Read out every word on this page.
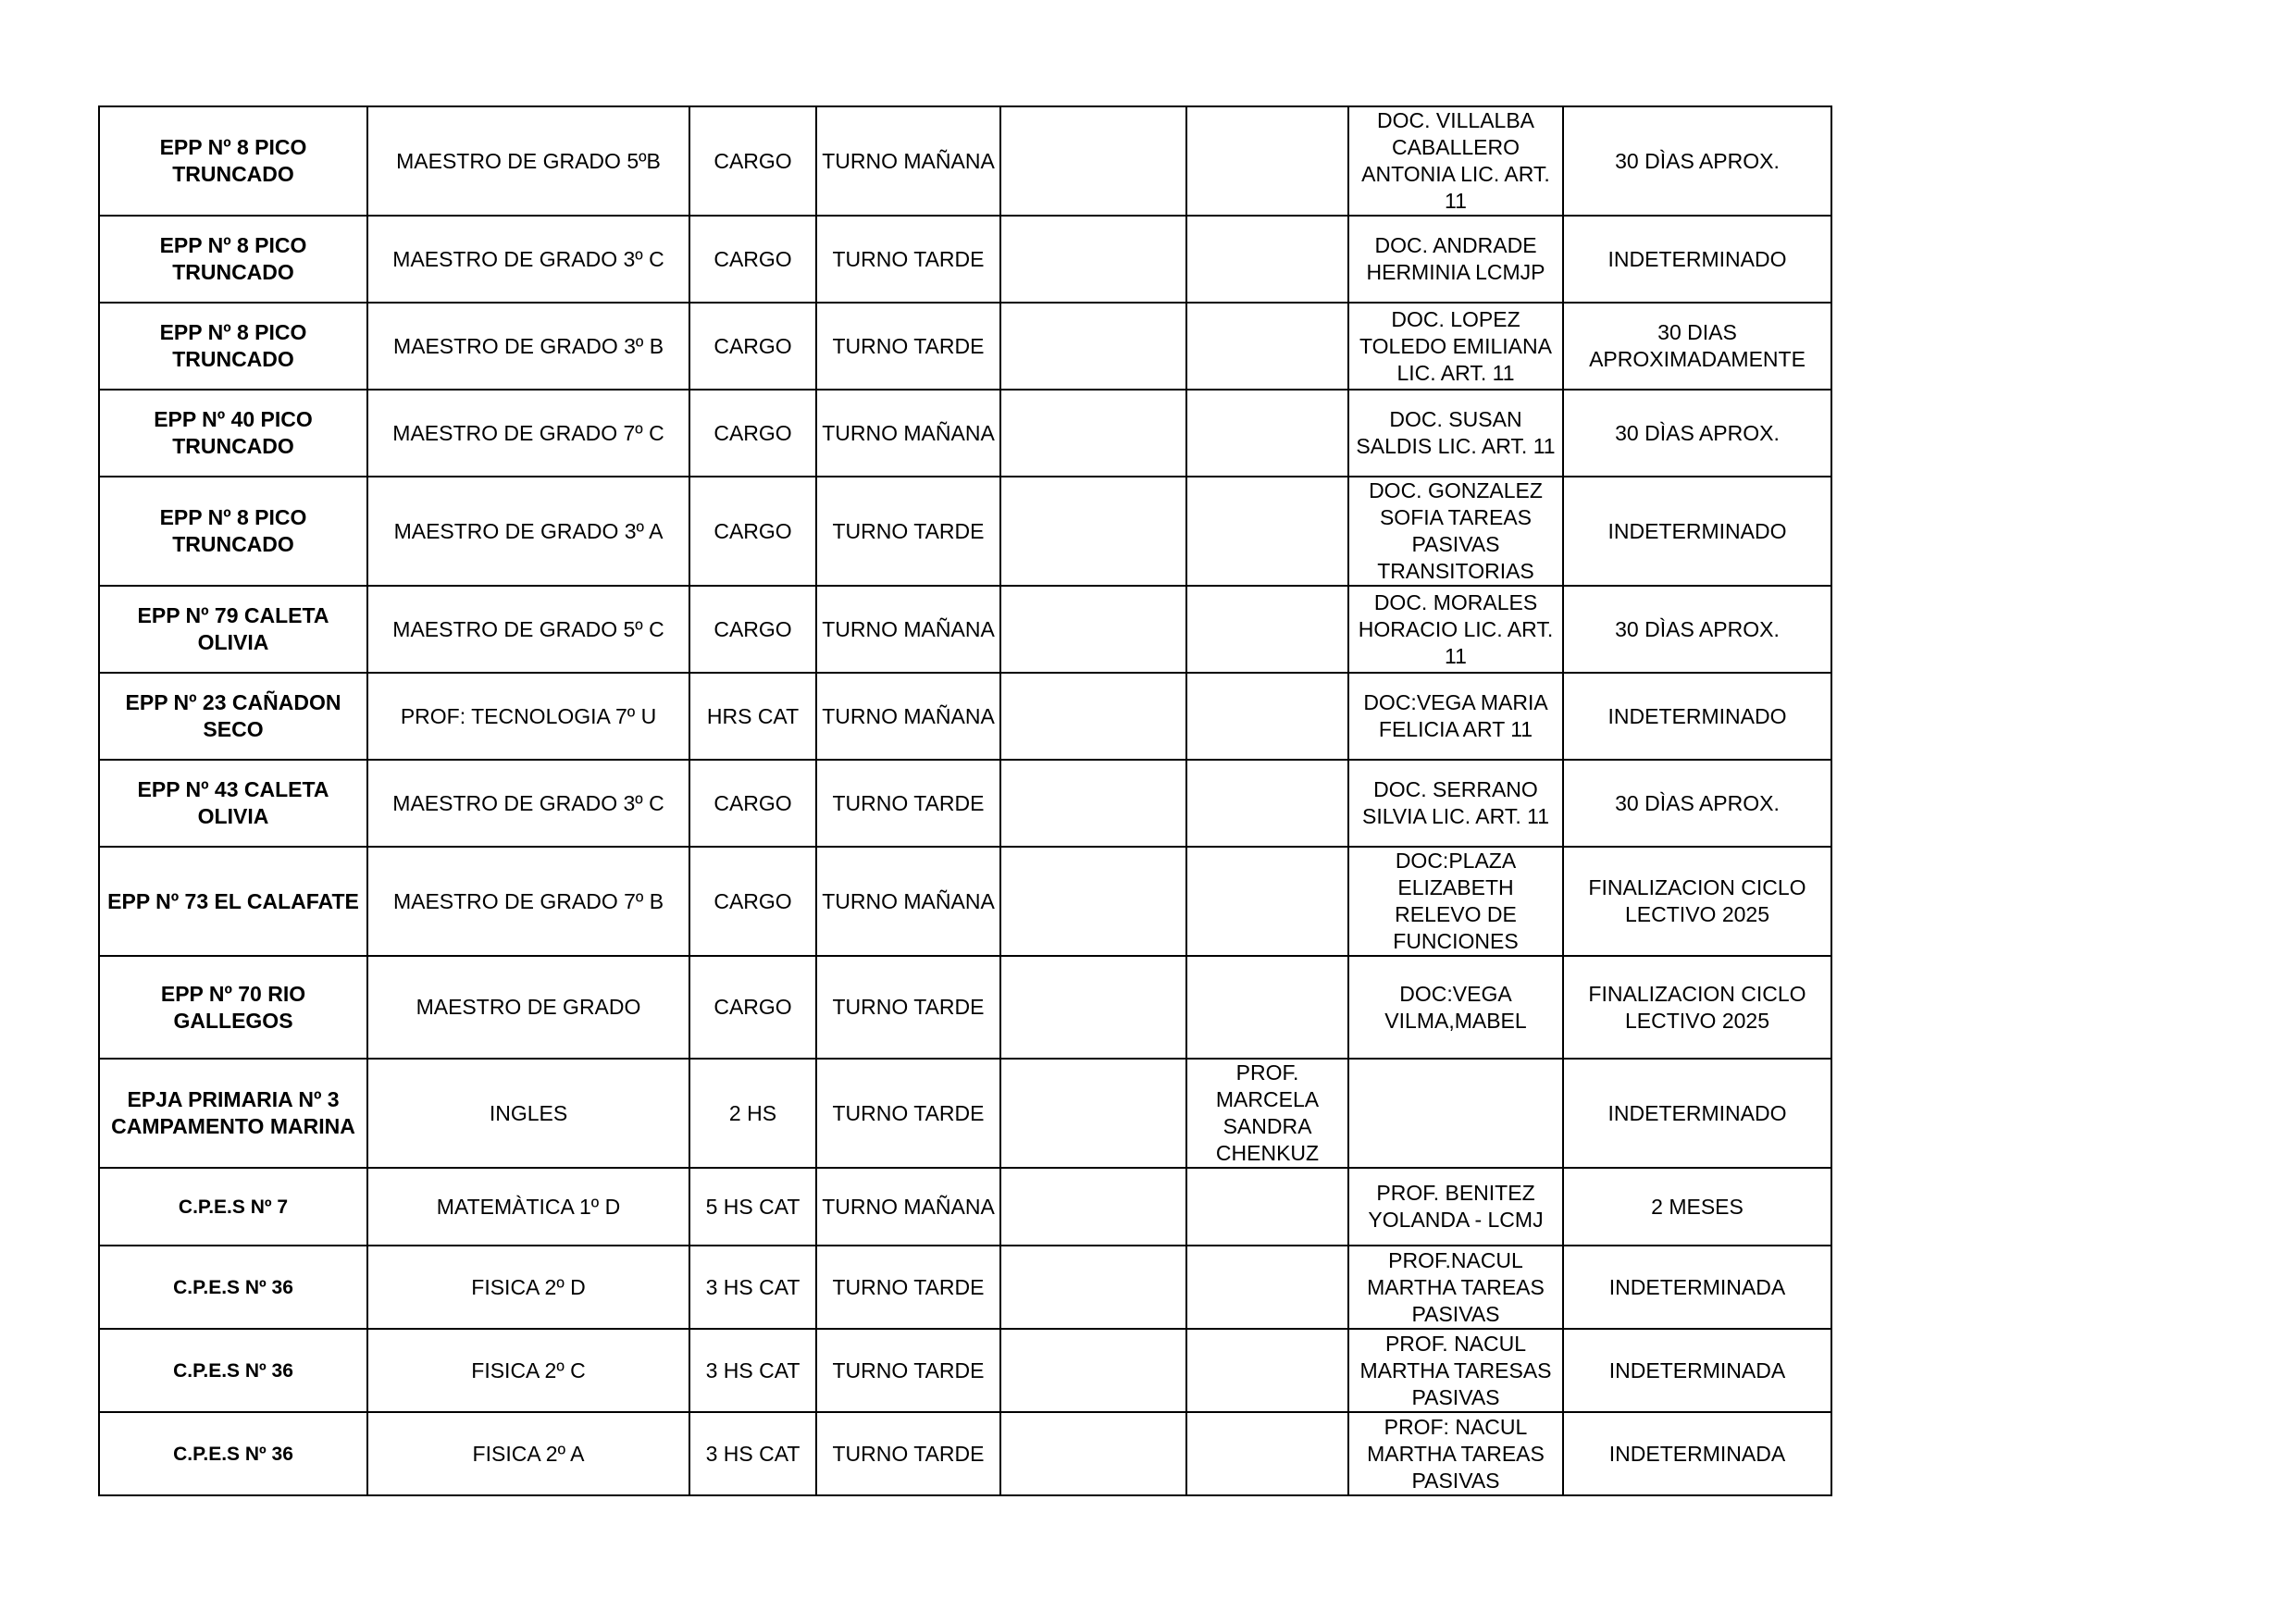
EPP Nº 8 PICO TRUNCADO	MAESTRO DE GRADO 5ºB	CARGO	TURNO MAÑANA			DOC. VILLALBA CABALLERO ANTONIA LIC. ART. 11	30 DÌAS APROX.
EPP Nº 8 PICO TRUNCADO	MAESTRO DE GRADO 3º C	CARGO	TURNO TARDE			DOC. ANDRADE HERMINIA LCMJP	INDETERMINADO
EPP Nº 8 PICO TRUNCADO	MAESTRO DE GRADO 3º B	CARGO	TURNO TARDE			DOC. LOPEZ TOLEDO EMILIANA LIC. ART. 11	30 DIAS APROXIMADAMENTE
EPP Nº 40 PICO TRUNCADO	MAESTRO DE GRADO 7º C	CARGO	TURNO MAÑANA			DOC. SUSAN SALDIS LIC. ART. 11	30 DÌAS APROX.
EPP Nº 8 PICO TRUNCADO	MAESTRO DE GRADO 3º A	CARGO	TURNO TARDE			DOC. GONZALEZ SOFIA TAREAS PASIVAS TRANSITORIAS	INDETERMINADO
EPP Nº 79 CALETA OLIVIA	MAESTRO DE GRADO 5º C	CARGO	TURNO MAÑANA			DOC. MORALES HORACIO LIC. ART. 11	30 DÌAS APROX.
EPP Nº 23 CAÑADON SECO	PROF: TECNOLOGIA 7º U	HRS CAT	TURNO MAÑANA			DOC:VEGA MARIA FELICIA ART 11	INDETERMINADO
EPP Nº 43 CALETA OLIVIA	MAESTRO DE GRADO 3º C	CARGO	TURNO TARDE			DOC. SERRANO SILVIA LIC. ART. 11	30 DÌAS APROX.
EPP Nº 73 EL CALAFATE	MAESTRO DE GRADO 7º B	CARGO	TURNO MAÑANA			DOC:PLAZA ELIZABETH RELEVO DE FUNCIONES	FINALIZACION CICLO LECTIVO 2025
EPP Nº 70 RIO GALLEGOS	MAESTRO DE GRADO	CARGO	TURNO TARDE			DOC:VEGA VILMA,MABEL	FINALIZACION CICLO LECTIVO 2025
EPJA PRIMARIA Nº 3 CAMPAMENTO MARINA	INGLES	2 HS	TURNO TARDE		PROF. MARCELA SANDRA CHENKUZ		INDETERMINADO
C.P.E.S Nº 7	MATEMÀTICA 1º D	5 HS CAT	TURNO MAÑANA			PROF. BENITEZ YOLANDA - LCMJ	2 MESES
C.P.E.S Nº 36	FISICA 2º D	3 HS CAT	TURNO TARDE			PROF.NACUL MARTHA TAREAS PASIVAS	INDETERMINADA
C.P.E.S Nº 36	FISICA 2º C	3 HS CAT	TURNO TARDE			PROF. NACUL MARTHA TARESAS PASIVAS	INDETERMINADA
C.P.E.S Nº 36	FISICA 2º A	3 HS CAT	TURNO TARDE			PROF: NACUL MARTHA TAREAS PASIVAS	INDETERMINADA
